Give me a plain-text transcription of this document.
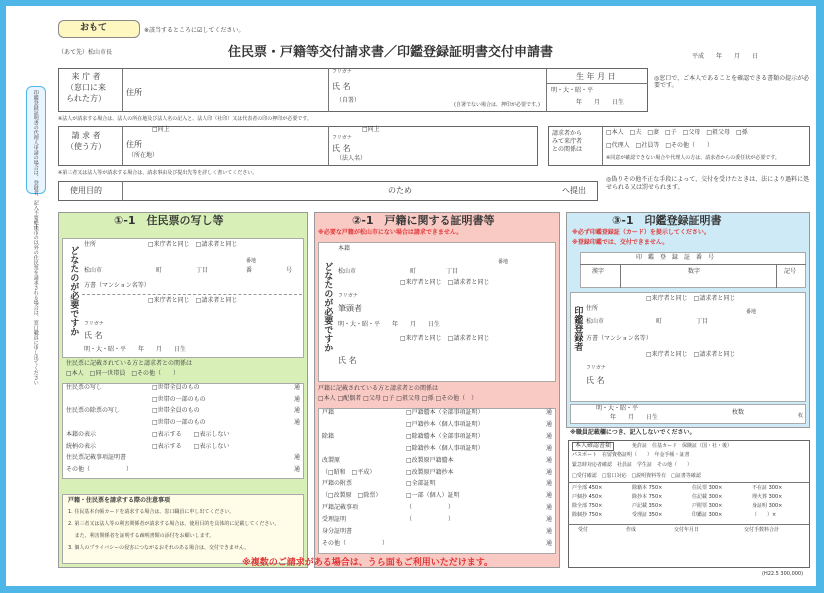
おもて	※該当するところに☑してください。
（あて先）松山市長	住民票・戸籍等交付請求書／印鑑登録証明書交付申請書	平成　　年　　月　　日
印鑑登録証明書の代理人申請の場合は、登録者、記入不要です
松山市の以外の住民票を請求される場合は、窓口職員に申し出てください
来 庁 者
（窓口に来
られた方）
住所
フリガナ
氏 名
（自署）
(自署でない場合は、押印が必要です。)
生 年 月 日
明・大・昭・平
年　　月　　日生
◎窓口で、ご本人であることを確認できる書類の提示が必要です。
※法人が請求する場合は、法人の所在地及び法人名の記入と、法人印（社印）又は代表者の印の押印が必要です。
請 求 者
（使う方）
□同上
住所
（所在地）
□同上
フリガナ
氏 名
（法人名）
請求者から
みて来庁者
との関係は
□本人　□夫　□妻　□子　□父母　□祖父母　□孫
□代理人　□社員等　□その他（　　）
※同意が確認できない場合や代理人の方は、請求者からの委任状が必要です。
※第三者又は法人等が請求する場合は、請求事由及び提出先等を詳しく書いてください。
使用目的	のため	へ提出
◎偽りその他不正な手段によって、交付を受けたときは、法により過料に処せられる又は罰せられます。
①-1　住民票の写し等
どなたのが必要ですか
住所	□来庁者と同じ　□請求者と同じ
松山市	町	丁目
番地
番	号
方書（マンション名等）
□来庁者と同じ　□請求者と同じ
フリガナ
氏 名
明・大・昭・平　　年　　月　　日生
住民票に記載されている方と請求者との関係は
□本人　□同一世帯員　□その他（　　）
戸籍・住民票を請求する際の注意事項
②-1　戸籍に関する証明書等
※必要な戸籍が松山市にない場合は請求できません。
どなたのが必要ですか
本籍
松山市	町	丁目
番地
□来庁者と同じ　□請求者と同じ
フリガナ
筆頭者
明・大・昭・平　　年　　月　　日生
□来庁者と同じ　□請求者と同じ
氏 名
戸籍に記載されている方と請求者との関係は
□本人 □配偶者 □父母 □子 □祖父母 □孫 □その他（　）
③-1　印鑑登録証明書
※必ず印鑑登録証（カード）を提示してください。
※登録印鑑では、交付できません。
印　鑑　登　録　証　番　号
漢字	数字	記号
印鑑登録者
□来庁者と同じ　□請求者と同じ
住所
松山市	町	丁目
番地
方書（マンション名等）
□来庁者と同じ　□請求者と同じ
フリガナ
氏 名
明・大・昭・平
年　　月　　日生
枚数	枚
※職員記載欄につき、記入しないでください。
本人確認書類	免許証　住基カード　保険証（国・社・後）
パスポート　在留資格証明（　　）　年金手帳・証書
緊急時対応者確認　社員証　学生証　その他（　　）
□受付確認　□窓口対応　□説明資料等有　□証書等確認
※複数のご請求がある場合は、うら面もご利用いただけます。
(H22.5 300,000)
住民票の写し	□世帯全員のもの	通
□世帯の一部のもの	通
住民票の除票の写し	□世帯全員のもの	通
□世帯の一部のもの	通
本籍の表示	□表示する　　□表示しない
続柄の表示	□表示する　　□表示しない
住民票記載事項証明書	通
その他（　　　　　　）	通
1. 住民基本台帳カードを請求する場合は、窓口職員に申し出てください。
2. 第三者又は法人等の利害関係者が請求する場合は、使用目的を具体的に記載してください。
　 また、利害関係者を証明する疎明書類の添付をお願いします。
3. 個人のプライバシーの侵害につながるおそれのある場合は、交付できません。
戸籍	□戸籍謄本（全部事項証明）	通
□戸籍抄本（個人事項証明）	通
除籍	□除籍謄本（全部事項証明）	通
□除籍抄本（個人事項証明）	通
改製原	□改製原戸籍謄本	通
（□昭和　□平成）	□改製原戸籍抄本	通
戸籍の附票	□全部証明	通
（□改製原　□除票）	□一部（個人）証明	通
戸籍記載事項	（　　　　　　）	通
受理証明	（　　　　　　）	通
身分証明書	通
その他（　　　　　　）	通
戸全部 450×	除籍本 750×	住民票 300×	不在証 300×
戸個抄 450×	除抄本 750×	住記載 300×	埋火葬 300×
除全部 750×	戸記載 350×	戸附票 300×	身証明 300×
除個抄 750×	受理証 350×	印鑑証 300×	（　　）×
受付	作成	交付年月日	交付手数料合計
